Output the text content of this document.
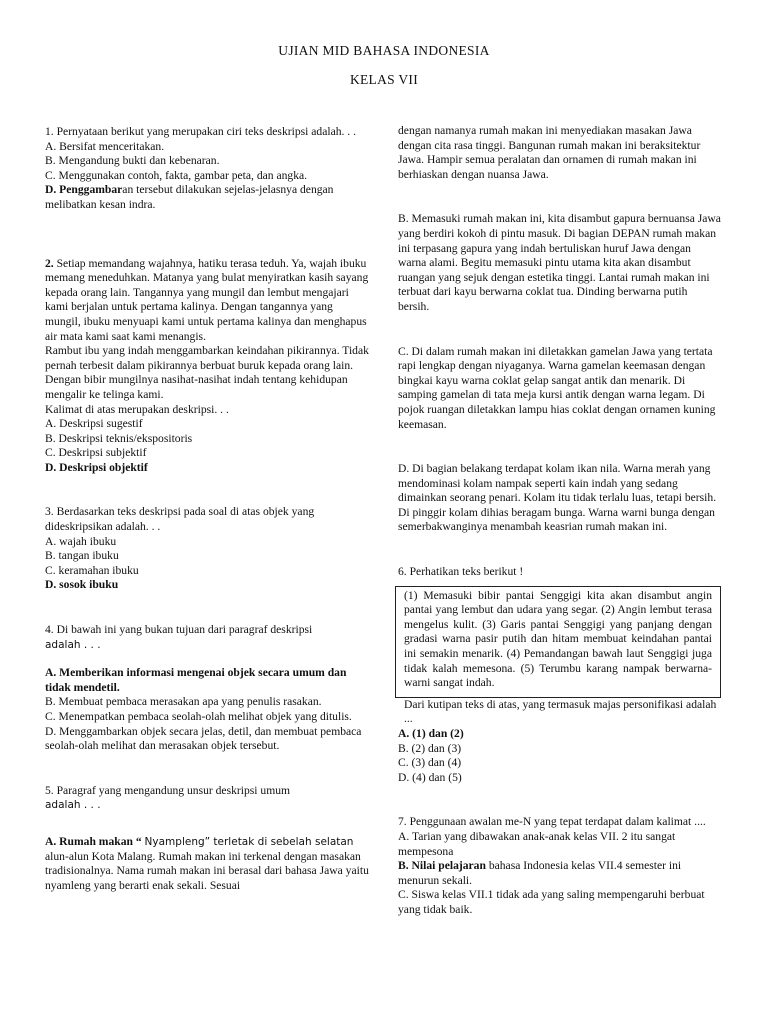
UJIAN MID BAHASA INDONESIA
KELAS VII

1. Pernyataan berikut yang merupakan ciri teks deskripsi adalah. . .

A. Bersifat menceritakan.

B. Mengandung bukti dan kebenaran.

C. Menggunakan contoh, fakta, gambar peta, dan angka.

D. Penggambaran tersebut dilakukan sejelas-jelasnya dengan melibatkan kesan indra.

2. Setiap memandang wajahnya, hatiku terasa teduh. Ya, wajah ibuku memang meneduhkan. Matanya yang bulat menyiratkan kasih sayang kepada orang lain. Tangannya yang mungil dan lembut mengajari kami berjalan untuk pertama kalinya. Dengan tangannya yang mungil, ibuku menyuapi kami untuk pertama kalinya dan menghapus air mata kami saat kami menangis.

Rambut ibu yang indah menggambarkan keindahan pikirannya. Tidak pernah terbesit dalam pikirannya berbuat buruk kepada orang lain. Dengan bibir mungilnya nasihat-nasihat indah tentang kehidupan mengalir ke telinga kami.

Kalimat di atas merupakan deskripsi. . .

A. Deskripsi sugestif

B. Deskripsi teknis/ekspositoris

C. Deskripsi subjektif

D. Deskripsi objektif

3. Berdasarkan teks deskripsi pada soal di atas objek yang dideskripsikan adalah. . .

A. wajah ibuku

B. tangan ibuku

C. keramahan ibuku

D. sosok ibuku

4. Di bawah ini yang bukan tujuan dari paragraf deskripsi

adalah . . .

A. Memberikan informasi mengenai objek secara umum dan tidak mendetil.

B. Membuat pembaca merasakan apa yang penulis rasakan.

C. Menempatkan pembaca seolah-olah melihat objek yang ditulis.

D. Menggambarkan objek secara jelas, detil, dan membuat pembaca seolah-olah melihat dan merasakan objek tersebut.

5. Paragraf yang mengandung unsur deskripsi umum

adalah . . .

A. Rumah makan “ Nyampleng” terletak di sebelah selatan alun-alun Kota Malang. Rumah makan ini terkenal dengan masakan tradisionalnya. Nama rumah makan ini berasal dari bahasa Jawa yaitu nyamleng yang berarti enak sekali. Sesuai

dengan namanya rumah makan ini menyediakan masakan Jawa dengan cita rasa tinggi. Bangunan rumah makan ini beraksitektur Jawa. Hampir semua peralatan dan ornamen di rumah makan ini berhiaskan dengan nuansa Jawa.

B. Memasuki rumah makan ini, kita disambut gapura bernuansa Jawa yang berdiri kokoh di pintu masuk. Di bagian DEPAN rumah makan ini terpasang gapura yang indah bertuliskan huruf Jawa dengan warna alami. Begitu memasuki pintu utama kita akan disambut ruangan yang sejuk dengan estetika tinggi. Lantai rumah makan ini terbuat dari kayu berwarna coklat tua. Dinding berwarna putih bersih.

C. Di dalam rumah makan ini diletakkan gamelan Jawa yang tertata rapi lengkap dengan niyaganya. Warna gamelan keemasan dengan bingkai kayu warna coklat gelap sangat antik dan menarik. Di samping gamelan di tata meja kursi antik dengan warna legam. Di pojok ruangan diletakkan lampu hias coklat dengan ornamen kuning keemasan.

D. Di bagian belakang terdapat kolam ikan nila. Warna merah yang mendominasi kolam nampak seperti kain indah yang sedang dimainkan seorang penari. Kolam itu tidak terlalu luas, tetapi bersih. Di pinggir kolam dihias beragam bunga. Warna warni bunga dengan semerbakwanginya menambah keasrian rumah makan ini.

6. Perhatikan teks berikut !

(1) Memasuki bibir pantai Senggigi kita akan disambut angin pantai yang lembut dan udara yang segar. (2) Angin lembut terasa mengelus kulit. (3) Garis pantai Senggigi yang panjang dengan gradasi warna pasir putih dan hitam membuat keindahan pantai ini semakin menarik. (4) Pemandangan bawah laut Senggigi juga tidak kalah memesona. (5) Terumbu karang nampak berwarna-warni sangat indah.

Dari kutipan teks di atas, yang termasuk majas personifikasi adalah ...

A. (1) dan (2)

B. (2) dan (3)

C. (3) dan (4)

D. (4) dan (5)

7. Penggunaan awalan me-N yang tepat terdapat dalam kalimat ....

A. Tarian yang dibawakan anak-anak kelas VII. 2 itu sangat mempesona

B. Nilai pelajaran bahasa Indonesia kelas VII.4 semester ini menurun sekali.

C. Siswa kelas VII.1 tidak ada yang saling mempengaruhi berbuat yang tidak baik.
